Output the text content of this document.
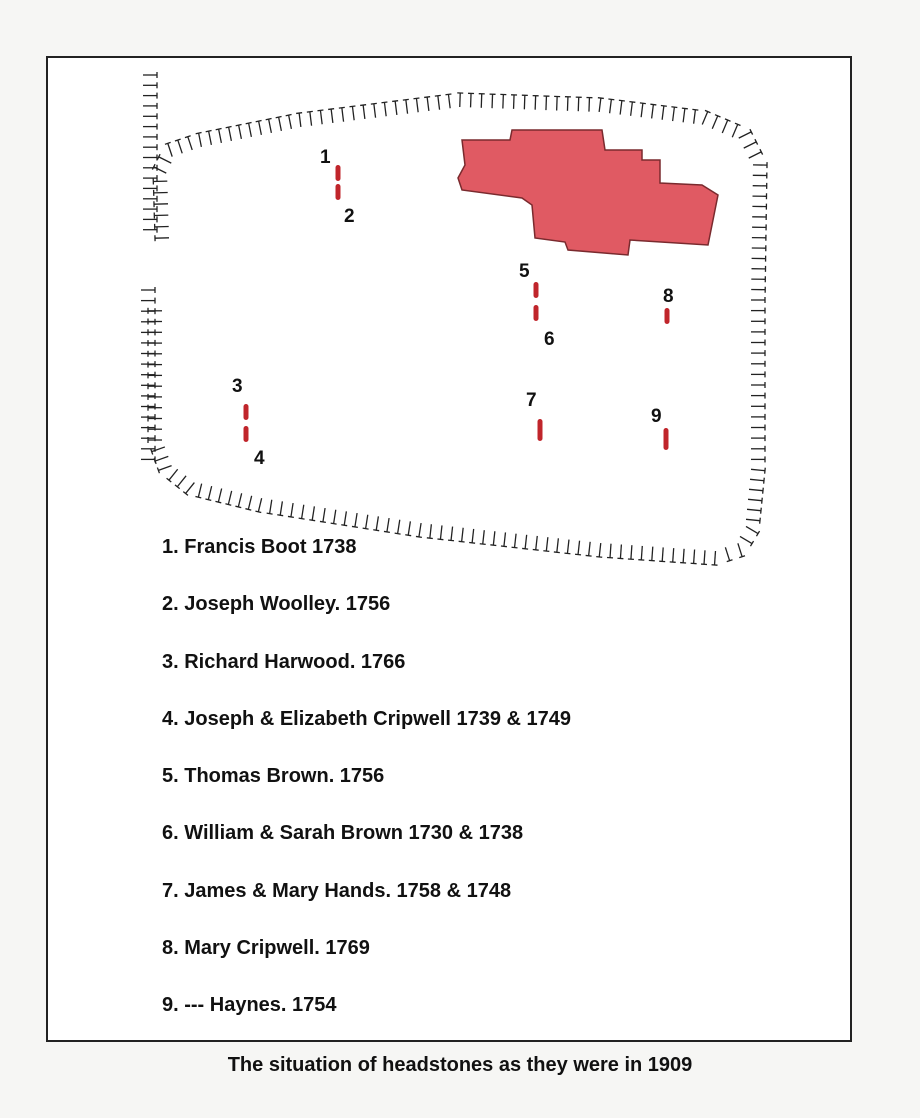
1
2
3
4
5
6
7
8
9
1. Francis Boot 1738
2. Joseph Woolley. 1756
3. Richard Harwood. 1766
4. Joseph & Elizabeth Cripwell 1739 & 1749
5. Thomas Brown. 1756
6. William & Sarah Brown 1730 & 1738
7. James & Mary Hands. 1758 & 1748
8. Mary Cripwell. 1769
9. --- Haynes. 1754
The situation of headstones as they were in 1909
